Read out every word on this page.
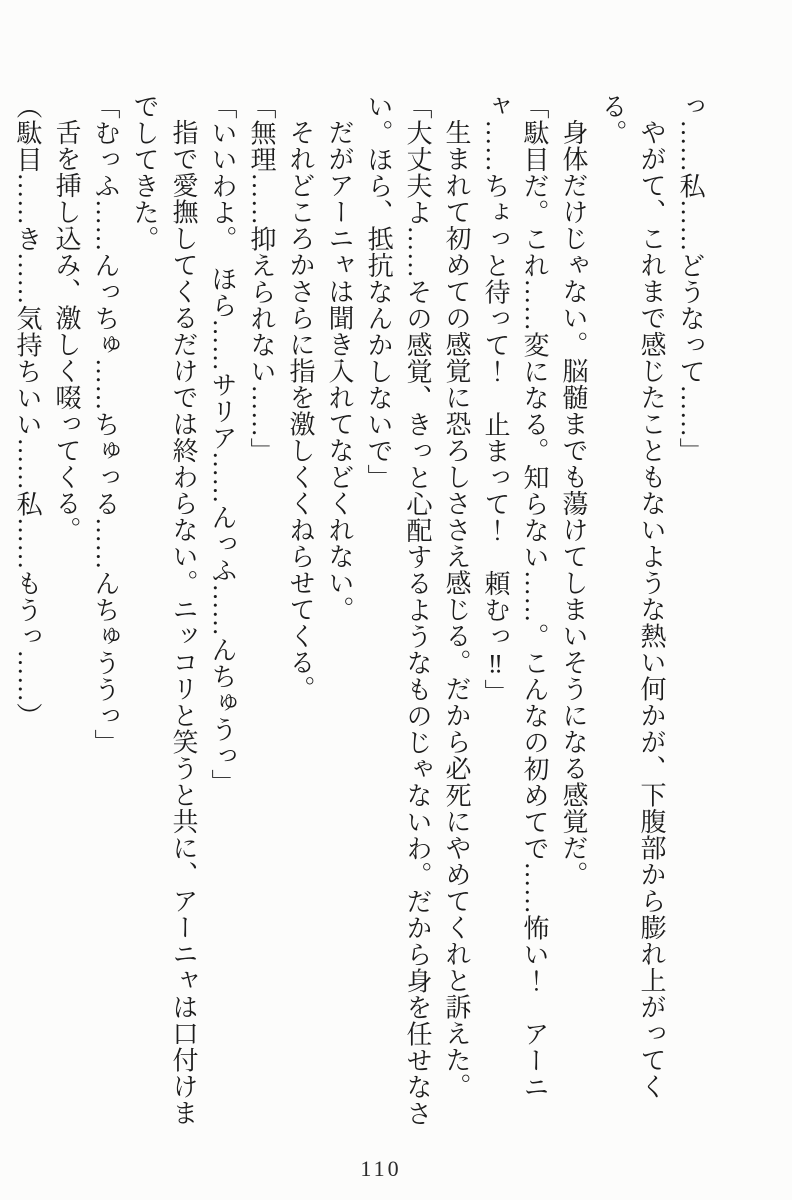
っ……私……どうなって……」

やがて、これまで感じたこともないような熱い何かが、下腹部から膨れ上がってくる。

身体だけじゃない。脳髄までも蕩けてしまいそうになる感覚だ。

「駄目だ。これ……変になる。知らない……。こんなの初めてで……怖い！　アーニャ……ちょっと待って！　止まって！　頼むっ‼」

生まれて初めての感覚に恐ろしささえ感じる。だから必死にやめてくれと訴えた。

「大丈夫よ……その感覚、きっと心配するようなものじゃないわ。だから身を任せなさい。ほら、抵抗なんかしないで」

だがアーニャは聞き入れてなどくれない。

それどころかさらに指を激しくくねらせてくる。

「無理……抑えられない……」

「いいわよ。　ほら……サリア……んっふ……んちゅうっ」

指で愛撫してくるだけでは終わらない。ニッコリと笑うと共に、アーニャは口付けまでしてきた。

「むっふ……んっちゅ……ちゅっる……んちゅううっ」

舌を挿し込み、激しく啜ってくる。

（駄目……き……気持ちいい……私……もうっ……）

110
